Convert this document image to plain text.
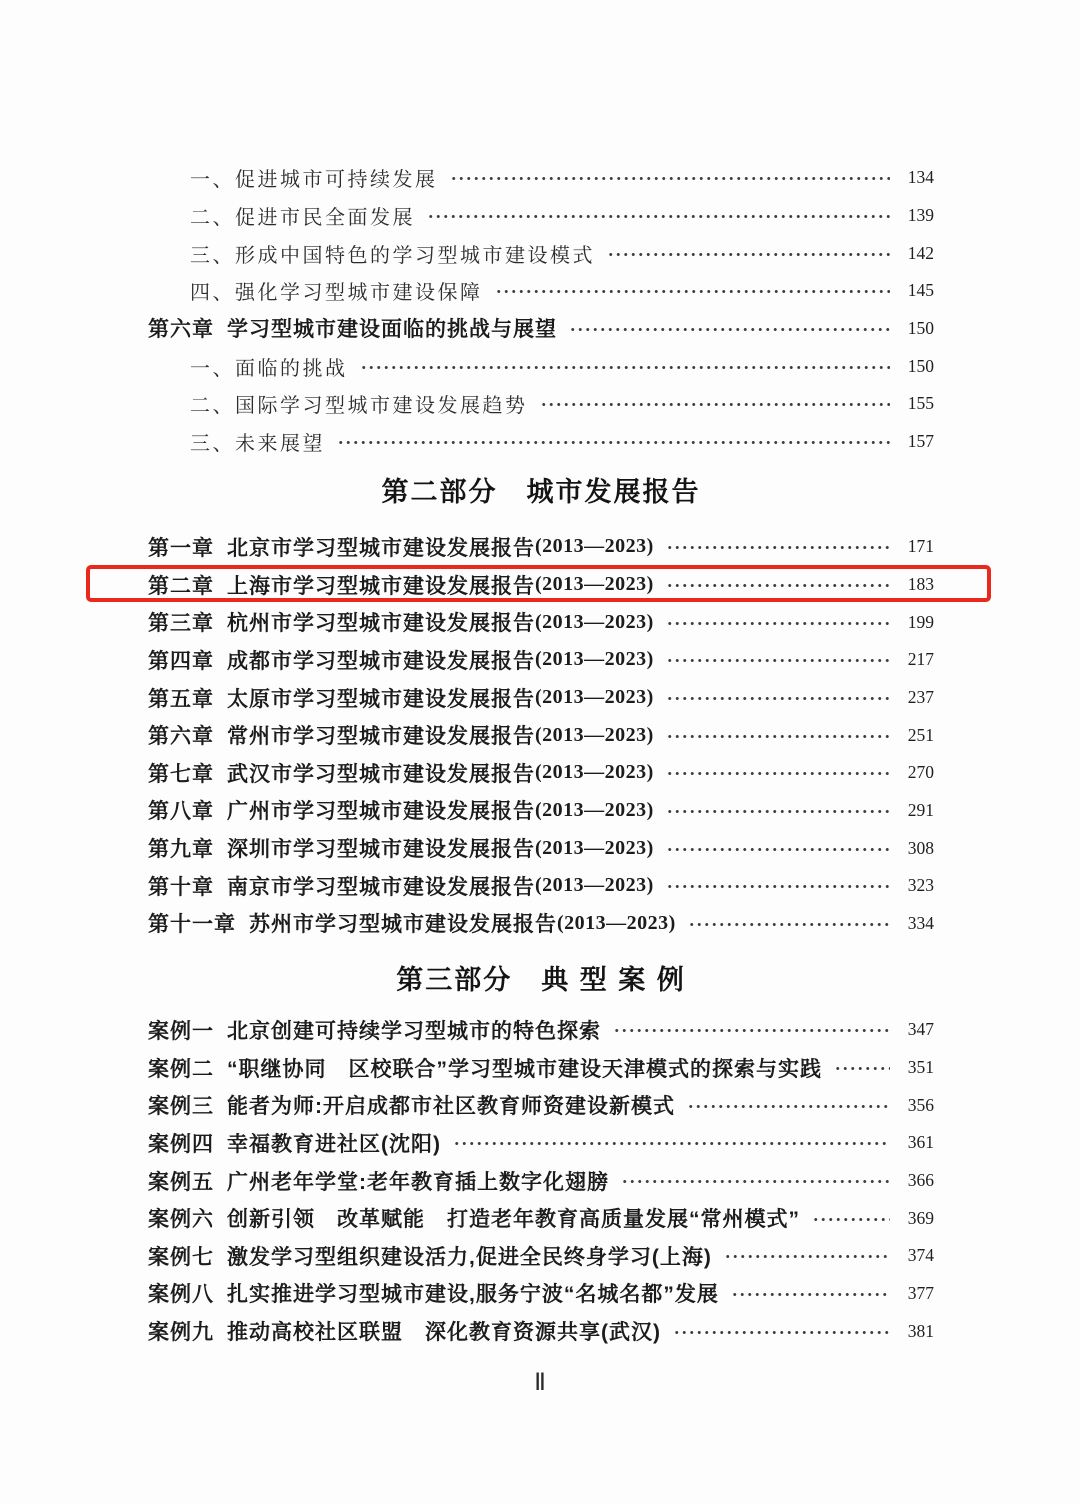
一、促进城市可持续发展	134
二、促进市民全面发展	139
三、形成中国特色的学习型城市建设模式	142
四、强化学习型城市建设保障	145
第六章 学习型城市建设面临的挑战与展望	150
一、面临的挑战	150
二、国际学习型城市建设发展趋势	155
三、未来展望	157
第二部分　城市发展报告
第一章 北京市学习型城市建设发展报告 (2013—2023)	171
第二章 上海市学习型城市建设发展报告 (2013—2023)	183
第三章 杭州市学习型城市建设发展报告 (2013—2023)	199
第四章 成都市学习型城市建设发展报告 (2013—2023)	217
第五章 太原市学习型城市建设发展报告 (2013—2023)	237
第六章 常州市学习型城市建设发展报告 (2013—2023)	251
第七章 武汉市学习型城市建设发展报告 (2013—2023)	270
第八章 广州市学习型城市建设发展报告 (2013—2023)	291
第九章 深圳市学习型城市建设发展报告 (2013—2023)	308
第十章 南京市学习型城市建设发展报告 (2013—2023)	323
第十一章 苏州市学习型城市建设发展报告 (2013—2023)	334
第三部分　典 型 案 例
案例一 北京创建可持续学习型城市的特色探索	347
案例二 “职继协同　区校联合”学习型城市建设天津模式的探索与实践	351
案例三 能者为师:开启成都市社区教育师资建设新模式	356
案例四 幸福教育进社区(沈阳)	361
案例五 广州老年学堂:老年教育插上数字化翅膀	366
案例六 创新引领　改革赋能　打造老年教育高质量发展“常州模式”	369
案例七 激发学习型组织建设活力,促进全民终身学习(上海)	374
案例八 扎实推进学习型城市建设,服务宁波“名城名都”发展	377
案例九 推动高校社区联盟　深化教育资源共享(武汉)	381
Ⅱ
